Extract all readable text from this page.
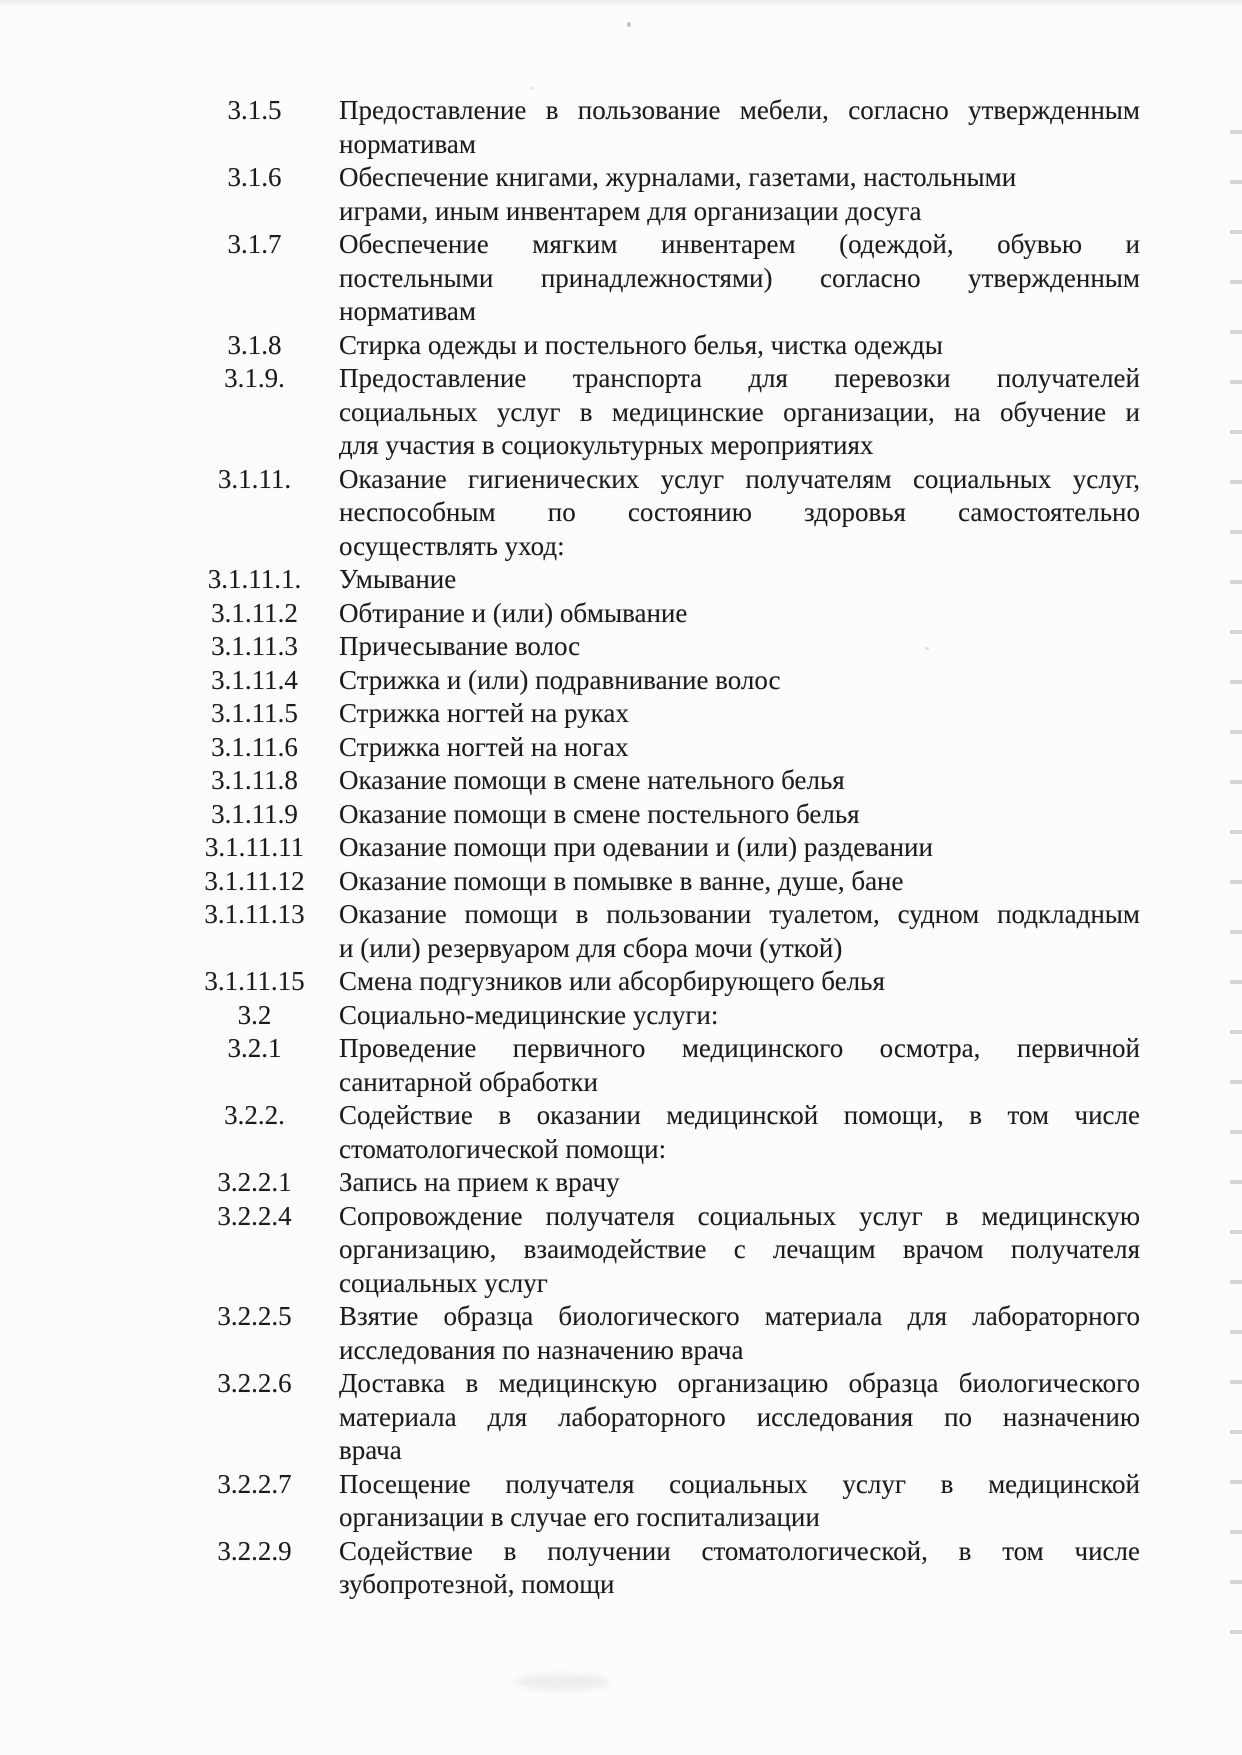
3.1.5	Предоставление в пользование мебели, согласно утвержденным
нормативам
3.1.6	Обеспечение книгами, журналами, газетами, настольными
играми, иным инвентарем для организации досуга
3.1.7	Обеспечение мягким инвентарем (одеждой, обувью и
постельными принадлежностями) согласно утвержденным
нормативам
3.1.8	Стирка одежды и постельного белья, чистка одежды
3.1.9.	Предоставление транспорта для перевозки получателей
социальных услуг в медицинские организации, на обучение и
для участия в социокультурных мероприятиях
3.1.11.	Оказание гигиенических услуг получателям социальных услуг,
неспособным по состоянию здоровья самостоятельно
осуществлять уход:
3.1.11.1.	Умывание
3.1.11.2	Обтирание и (или) обмывание
3.1.11.3	Причесывание волос
3.1.11.4	Стрижка и (или) подравнивание волос
3.1.11.5	Стрижка ногтей на руках
3.1.11.6	Стрижка ногтей на ногах
3.1.11.8	Оказание помощи в смене нательного белья
3.1.11.9	Оказание помощи в смене постельного белья
3.1.11.11	Оказание помощи при одевании и (или) раздевании
3.1.11.12	Оказание помощи в помывке в ванне, душе, бане
3.1.11.13	Оказание помощи в пользовании туалетом, судном подкладным
и (или) резервуаром для сбора мочи (уткой)
3.1.11.15	Смена подгузников или абсорбирующего белья
3.2	Социально-медицинские услуги:
3.2.1	Проведение первичного медицинского осмотра, первичной
санитарной обработки
3.2.2.	Содействие в оказании медицинской помощи, в том числе
стоматологической помощи:
3.2.2.1	Запись на прием к врачу
3.2.2.4	Сопровождение получателя социальных услуг в медицинскую
организацию, взаимодействие с лечащим врачом получателя
социальных услуг
3.2.2.5	Взятие образца биологического материала для лабораторного
исследования по назначению врача
3.2.2.6	Доставка в медицинскую организацию образца биологического
материала для лабораторного исследования по назначению
врача
3.2.2.7	Посещение получателя социальных услуг в медицинской
организации в случае его госпитализации
3.2.2.9	Содействие в получении стоматологической, в том числе
зубопротезной, помощи
